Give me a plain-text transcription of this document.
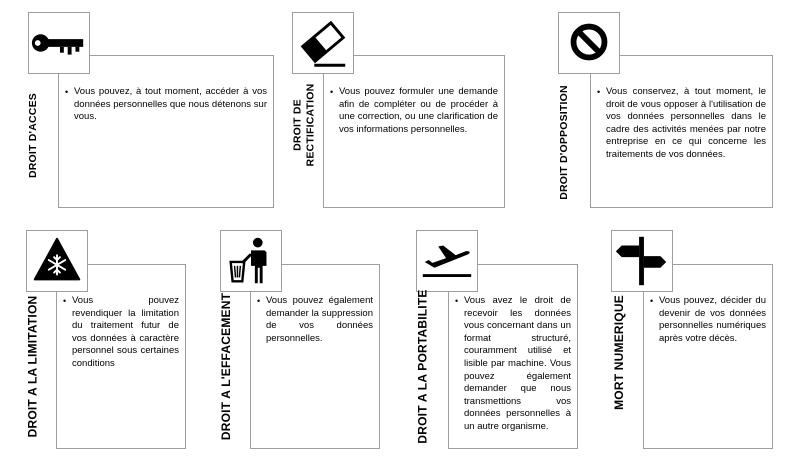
• Vous pouvez, à tout moment, accéder à vos données personnelles que nous détenons sur vous.
DROIT D'ACCES
• Vous pouvez formuler une demande afin de compléter ou de procéder à une correction, ou une clarification de vos informations personnelles.
DROIT DE RECTIFICATION	• Vous conservez, à tout moment, le droit de vous opposer à l'utilisation de vos données personnelles dans le cadre des activités menées par notre entreprise en ce qui concerne les traitements de vos données.
DROIT D'OPPOSITION
• Vous pouvez revendiquer la limitation du traitement futur de vos données à caractère personnel sous certaines conditions
DROIT A LA LIMITATION	• Vous pouvez également demander la suppression de vos données personnelles.
DROIT A L'EFFACEMENT	• Vous avez le droit de recevoir les données vous concernant dans un format structuré, couramment utilisé et lisible par machine. Vous pouvez également demander que nous transmettions vos données personnelles à un autre organisme.
DROIT A LA PORTABILITE	• Vous pouvez, décider du devenir de vos données personnelles numériques après votre décès.
MORT NUMERIQUE
